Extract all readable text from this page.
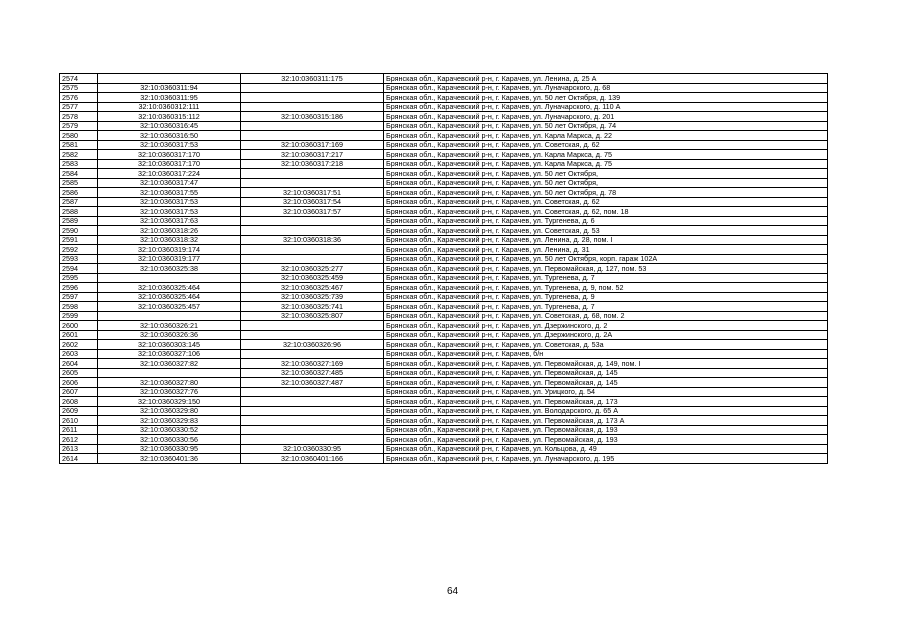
2574		32:10:0360311:175	Брянская обл., Карачевский р-н, г. Карачев, ул. Ленина, д. 25 А
2575	32:10:0360311:94		Брянская обл., Карачевский р-н, г. Карачев, ул. Луначарского, д. 68
2576	32:10:0360311:95		Брянская обл., Карачевский р-н, г. Карачев, ул. 50 лет Октября, д. 139
2577	32:10:0360312:111		Брянская обл., Карачевский р-н, г. Карачев, ул. Луначарского, д. 110 А
2578	32:10:0360315:112	32:10:0360315:186	Брянская обл., Карачевский р-н, г. Карачев, ул. Луначарского, д. 201
2579	32:10:0360316:45		Брянская обл., Карачевский р-н, г. Карачев, ул. 50 лет Октября, д. 74
2580	32:10:0360316:50		Брянская обл., Карачевский р-н, г. Карачев, ул. Карла Маркса, д. 22
2581	32:10:0360317:53	32:10:0360317:169	Брянская обл., Карачевский р-н, г. Карачев, ул. Советская, д. 62
2582	32:10:0360317:170	32:10:0360317:217	Брянская обл., Карачевский р-н, г. Карачев, ул. Карла Маркса, д. 75
2583	32:10:0360317:170	32:10:0360317:218	Брянская обл., Карачевский р-н, г. Карачев, ул. Карла Маркса, д. 75
2584	32:10:0360317:224		Брянская обл., Карачевский р-н, г. Карачев, ул. 50 лет Октября,
2585	32:10:0360317:47		Брянская обл., Карачевский р-н, г. Карачев, ул. 50 лет Октября,
2586	32:10:0360317:55	32:10:0360317:51	Брянская обл., Карачевский р-н, г. Карачев, ул. 50 лет Октября, д. 78
2587	32:10:0360317:53	32:10:0360317:54	Брянская обл., Карачевский р-н, г. Карачев, ул. Советская, д. 62
2588	32:10:0360317:53	32:10:0360317:57	Брянская обл., Карачевский р-н, г. Карачев, ул. Советская, д. 62, пом. 18
2589	32:10:0360317:63		Брянская обл., Карачевский р-н, г. Карачев, ул. Тургенева, д. 6
2590	32:10:0360318:26		Брянская обл., Карачевский р-н, г. Карачев, ул. Советская, д. 53
2591	32:10:0360318:32	32:10:0360318:36	Брянская обл., Карачевский р-н, г. Карачев, ул. Ленина, д. 28, пом. I
2592	32:10:0360319:174		Брянская обл., Карачевский р-н, г. Карачев, ул. Ленина, д. 31
2593	32:10:0360319:177		Брянская обл., Карачевский р-н, г. Карачев, ул. 50 лет Октября, корп. гараж 102А
2594	32:10:0360325:38	32:10:0360325:277	Брянская обл., Карачевский р-н, г. Карачев, ул. Первомайская, д. 127, пом. 53
2595		32:10:0360325:459	Брянская обл., Карачевский р-н, г. Карачев, ул. Тургенева, д. 7
2596	32:10:0360325:464	32:10:0360325:467	Брянская обл., Карачевский р-н, г. Карачев, ул. Тургенева, д. 9, пом. 52
2597	32:10:0360325:464	32:10:0360325:739	Брянская обл., Карачевский р-н, г. Карачев, ул. Тургенева, д. 9
2598	32:10:0360325:457	32:10:0360325:741	Брянская обл., Карачевский р-н, г. Карачев, ул. Тургенева, д. 7
2599		32:10:0360325:807	Брянская обл., Карачевский р-н, г. Карачев, ул. Советская, д. 68, пом. 2
2600	32:10:0360326:21		Брянская обл., Карачевский р-н, г. Карачев, ул. Дзержинского, д. 2
2601	32:10:0360326:36		Брянская обл., Карачевский р-н, г. Карачев, ул. Дзержинского, д. 2А
2602	32:10:0360303:145	32:10:0360326:96	Брянская обл., Карачевский р-н, г. Карачев, ул. Советская, д. 53а
2603	32:10:0360327:106		Брянская обл., Карачевский р-н, г. Карачев, б/н
2604	32:10:0360327:82	32:10:0360327:169	Брянская обл., Карачевский р-н, г. Карачев, ул. Первомайская, д. 149, пом. I
2605		32:10:0360327:485	Брянская обл., Карачевский р-н, г. Карачев, ул. Первомайская, д. 145
2606	32:10:0360327:80	32:10:0360327:487	Брянская обл., Карачевский р-н, г. Карачев, ул. Первомайская, д. 145
2607	32:10:0360327:76		Брянская обл., Карачевский р-н, г. Карачев, ул. Урицкого, д. 54
2608	32:10:0360329:150		Брянская обл., Карачевский р-н, г. Карачев, ул. Первомайская, д. 173
2609	32:10:0360329:80		Брянская обл., Карачевский р-н, г. Карачев, ул. Володарского, д. 65 А
2610	32:10:0360329:83		Брянская обл., Карачевский р-н, г. Карачев, ул. Первомайская, д. 173 А
2611	32:10:0360330:52		Брянская обл., Карачевский р-н, г. Карачев, ул. Первомайская, д. 193
2612	32:10:0360330:56		Брянская обл., Карачевский р-н, г. Карачев, ул. Первомайская, д. 193
2613	32:10:0360330:95	32:10:0360330:95	Брянская обл., Карачевский р-н, г. Карачев, ул. Кольцова, д. 49
2614	32:10:0360401:36	32:10:0360401:166	Брянская обл., Карачевский р-н, г. Карачев, ул. Луначарского, д. 195
64
